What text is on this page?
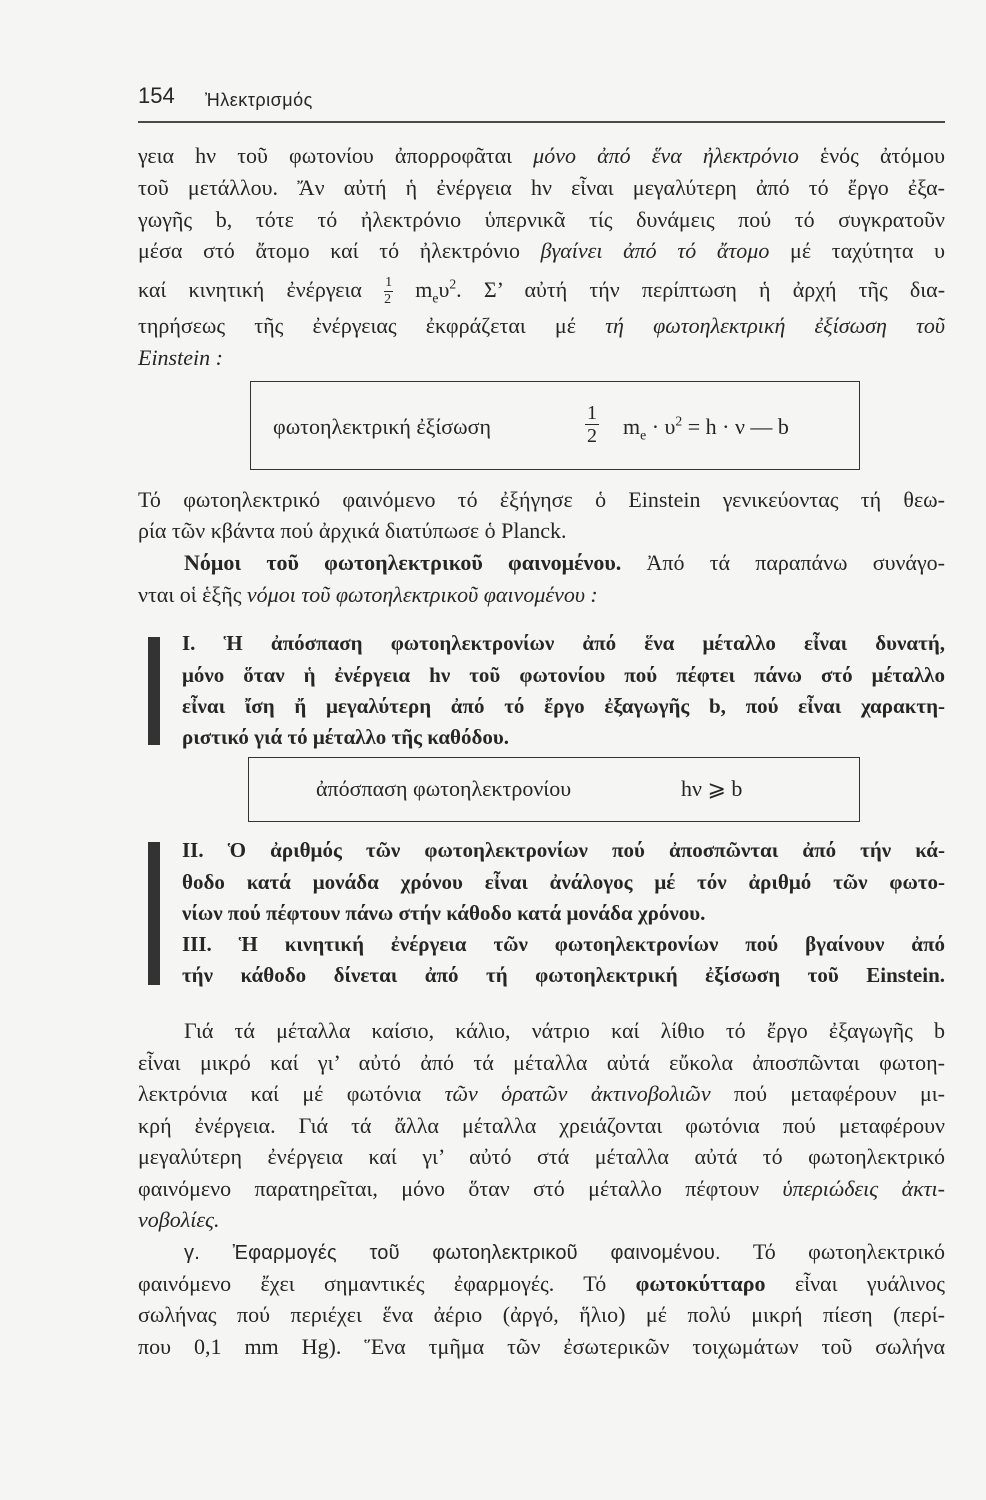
154 Ἠλεκτρισμός
γεια hν τοῦ φωτονίου ἀπορροφᾶται μόνο ἀπό ἕνα ἠλεκτρόνιο ἑνός ἀτόμου
τοῦ μετάλλου. Ἄν αὐτή ἡ ἐνέργεια hν εἶναι μεγαλύτερη ἀπό τό ἔργο ἐξα-
γωγῆς b, τότε τό ἠλεκτρόνιο ὑπερνικᾶ τίς δυνάμεις πού τό συγκρατοῦν
μέσα στό ἄτομο καί τό ἠλεκτρόνιο βγαίνει ἀπό τό ἄτομο μέ ταχύτητα υ
καί κινητική ἐνέργεια $\frac{1}{2} m_e\upsilon^2$. Σ’ αὐτή τήν περίπτωση ἡ ἀρχή τῆς δια-
τηρήσεως τῆς ἐνέργειας ἐκφράζεται μέ τή φωτοηλεκτρική ἐξίσωση τοῦ
Einstein :
φωτοηλεκτρική ἐξίσωση	$\frac{1}{2} m_e \cdot \upsilon^2 = h \cdot \nu$ — b
Τό φωτοηλεκτρικό φαινόμενο τό ἐξήγησε ὁ Einstein γενικεύοντας τή θεω-
ρία τῶν κβάντα πού ἀρχικά διατύπωσε ὁ Planck.
Νόμοι τοῦ φωτοηλεκτρικοῦ φαινομένου. Ἀπό τά παραπάνω συνάγο-
νται οἱ ἑξῆς νόμοι τοῦ φωτοηλεκτρικοῦ φαινομένου :
I. Ἡ ἀπόσπαση φωτοηλεκτρονίων ἀπό ἕνα μέταλλο εἶναι δυνατή,
μόνο ὅταν ἡ ἐνέργεια hν τοῦ φωτονίου πού πέφτει πάνω στό μέταλλο
εἶναι ἴση ἤ μεγαλύτερη ἀπό τό ἔργο ἐξαγωγῆς b, πού εἶναι χαρακτη-
ριστικό γιά τό μέταλλο τῆς καθόδου.
ἀπόσπαση φωτοηλεκτρονίου	hν ⩾ b
II. Ὁ ἀριθμός τῶν φωτοηλεκτρονίων πού ἀποσπῶνται ἀπό τήν κά-
θοδο κατά μονάδα χρόνου εἶναι ἀνάλογος μέ τόν ἀριθμό τῶν φωτο-
νίων πού πέφτουν πάνω στήν κάθοδο κατά μονάδα χρόνου.
III. Ἡ κινητική ἐνέργεια τῶν φωτοηλεκτρονίων πού βγαίνουν ἀπό
τήν κάθοδο δίνεται ἀπό τή φωτοηλεκτρική ἐξίσωση τοῦ Einstein.
Γιά τά μέταλλα καίσιο, κάλιο, νάτριο καί λίθιο τό ἔργο ἐξαγωγῆς b
εἶναι μικρό καί γι’ αὐτό ἀπό τά μέταλλα αὐτά εὔκολα ἀποσπῶνται φωτοη-
λεκτρόνια καί μέ φωτόνια τῶν ὁρατῶν ἀκτινοβολιῶν πού μεταφέρουν μι-
κρή ἐνέργεια. Γιά τά ἄλλα μέταλλα χρειάζονται φωτόνια πού μεταφέρουν
μεγαλύτερη ἐνέργεια καί γι’ αὐτό στά μέταλλα αὐτά τό φωτοηλεκτρικό
φαινόμενο παρατηρεῖται, μόνο ὅταν στό μέταλλο πέφτουν ὑπεριώδεις ἀκτι-
νοβολίες.
γ. Ἐφαρμογές τοῦ φωτοηλεκτρικοῦ φαινομένου. Τό φωτοηλεκτρικό
φαινόμενο ἔχει σημαντικές ἐφαρμογές. Τό φωτοκύτταρο εἶναι γυάλινος
σωλήνας πού περιέχει ἕνα ἀέριο (ἀργό, ἥλιο) μέ πολύ μικρή πίεση (περί-
που 0,1 mm Hg). Ἕνα τμῆμα τῶν ἐσωτερικῶν τοιχωμάτων τοῦ σωλήνα
